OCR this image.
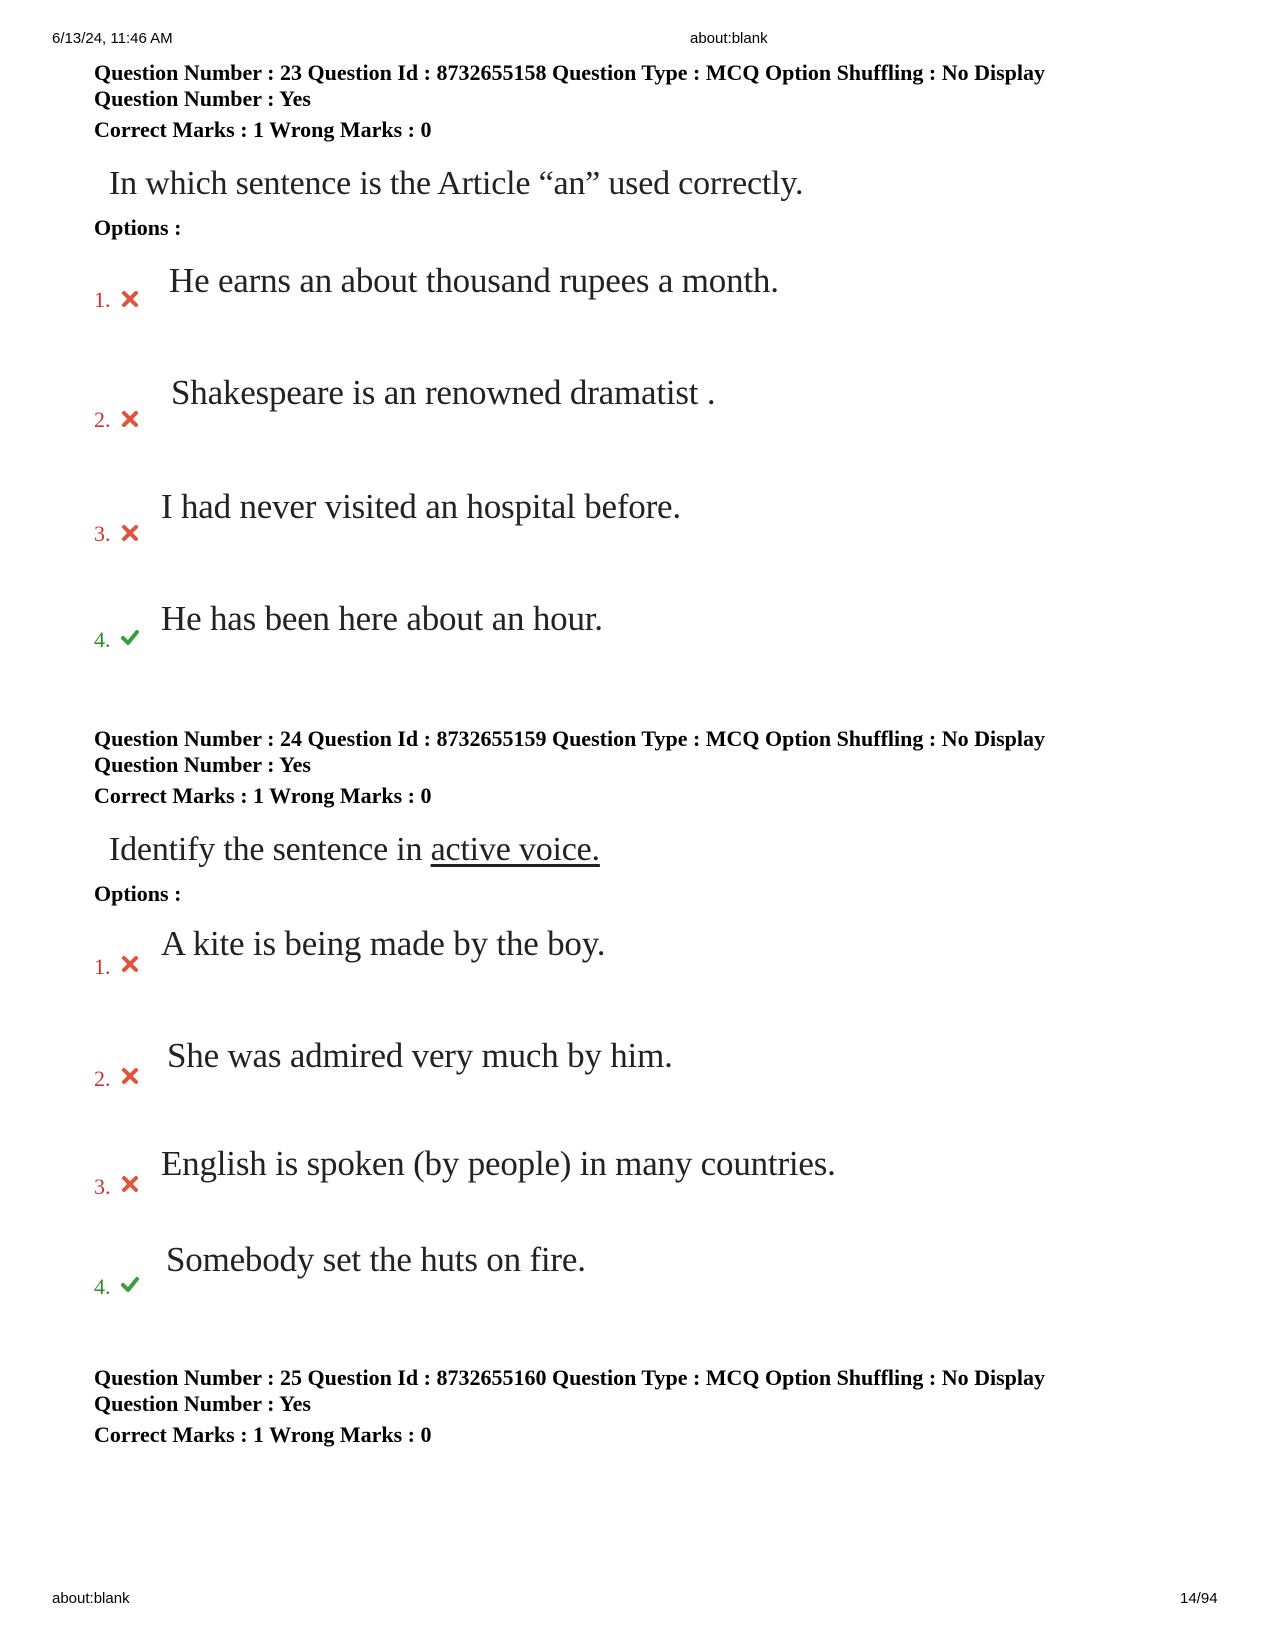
6/13/24, 11:46 AM	about:blank

Question Number : 23 Question Id : 8732655158 Question Type : MCQ Option Shuffling : No Display

Question Number : Yes

Correct Marks : 1 Wrong Marks : 0

In which sentence is the Article “an” used correctly.
Options :
He earns an about thousand rupees a month.
1.
Shakespeare is an renowned dramatist .
2.
I had never visited an hospital before.
3.
He has been here about an hour.
4.

Question Number : 24 Question Id : 8732655159 Question Type : MCQ Option Shuffling : No Display

Question Number : Yes

Correct Marks : 1 Wrong Marks : 0

Identify the sentence in active voice.
Options :
A kite is being made by the boy.
1.
She was admired very much by him.
2.
English is spoken (by people) in many countries.
3.
Somebody set the huts on fire.
4.

Question Number : 25 Question Id : 8732655160 Question Type : MCQ Option Shuffling : No Display

Question Number : Yes

Correct Marks : 1 Wrong Marks : 0

about:blank	14/94
